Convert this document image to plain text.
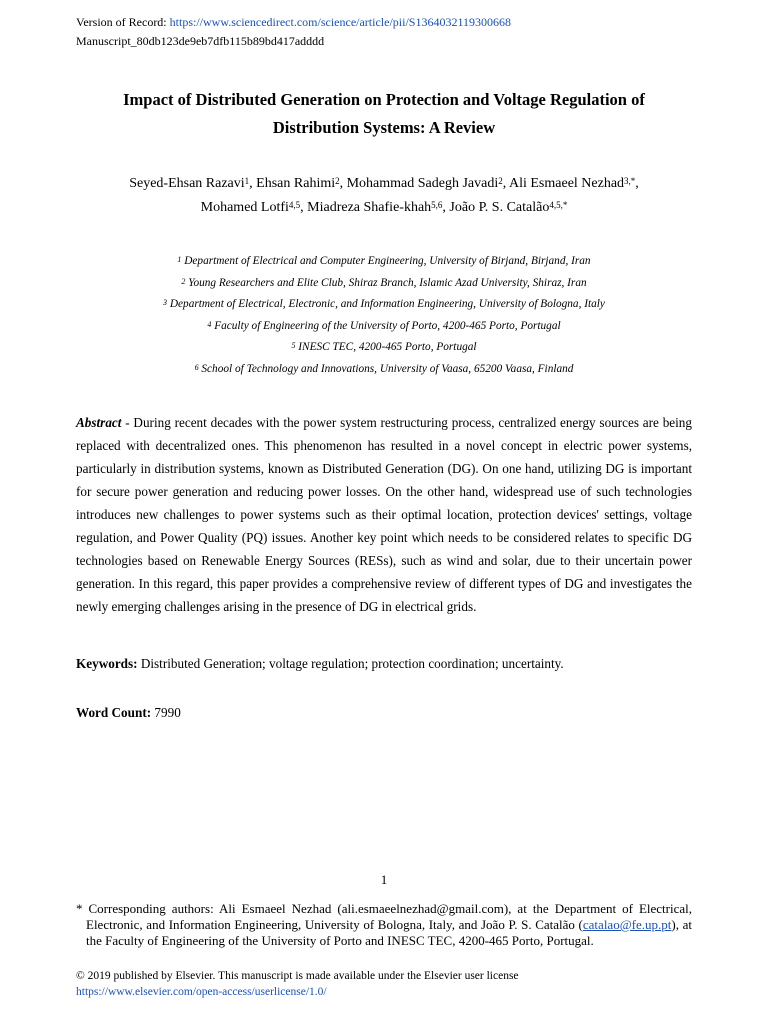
Version of Record: https://www.sciencedirect.com/science/article/pii/S1364032119300668
Manuscript_80db123de9eb7dfb115b89bd417adddd
Impact of Distributed Generation on Protection and Voltage Regulation of
Distribution Systems: A Review
Seyed-Ehsan Razavi$^1$, Ehsan Rahimi$^2$, Mohammad Sadegh Javadi$^2$, Ali Esmaeel Nezhad$^{3,*}$,
Mohamed Lotfi$^{4,5}$, Miadreza Shafie-khah$^{5,6}$, João P. S. Catalão$^{4,5,*}$
$^1$ Department of Electrical and Computer Engineering, University of Birjand, Birjand, Iran
$^2$ Young Researchers and Elite Club, Shiraz Branch, Islamic Azad University, Shiraz, Iran
$^3$ Department of Electrical, Electronic, and Information Engineering, University of Bologna, Italy
$^4$ Faculty of Engineering of the University of Porto, 4200-465 Porto, Portugal
$^5$ INESC TEC, 4200-465 Porto, Portugal
$^6$ School of Technology and Innovations, University of Vaasa, 65200 Vaasa, Finland
Abstract - During recent decades with the power system restructuring process, centralized energy sources are being replaced with decentralized ones. This phenomenon has resulted in a novel concept in electric power systems, particularly in distribution systems, known as Distributed Generation (DG). On one hand, utilizing DG is important for secure power generation and reducing power losses. On the other hand, widespread use of such technologies introduces new challenges to power systems such as their optimal location, protection devices' settings, voltage regulation, and Power Quality (PQ) issues. Another key point which needs to be considered relates to specific DG technologies based on Renewable Energy Sources (RESs), such as wind and solar, due to their uncertain power generation. In this regard, this paper provides a comprehensive review of different types of DG and investigates the newly emerging challenges arising in the presence of DG in electrical grids.
Keywords: Distributed Generation; voltage regulation; protection coordination; uncertainty.
Word Count: 7990
1
* Corresponding authors: Ali Esmaeel Nezhad (ali.esmaeelnezhad@gmail.com), at the Department of Electrical, Electronic, and Information Engineering, University of Bologna, Italy, and João P. S. Catalão (catalao@fe.up.pt), at the Faculty of Engineering of the University of Porto and INESC TEC, 4200-465 Porto, Portugal.
© 2019 published by Elsevier. This manuscript is made available under the Elsevier user license
https://www.elsevier.com/open-access/userlicense/1.0/
